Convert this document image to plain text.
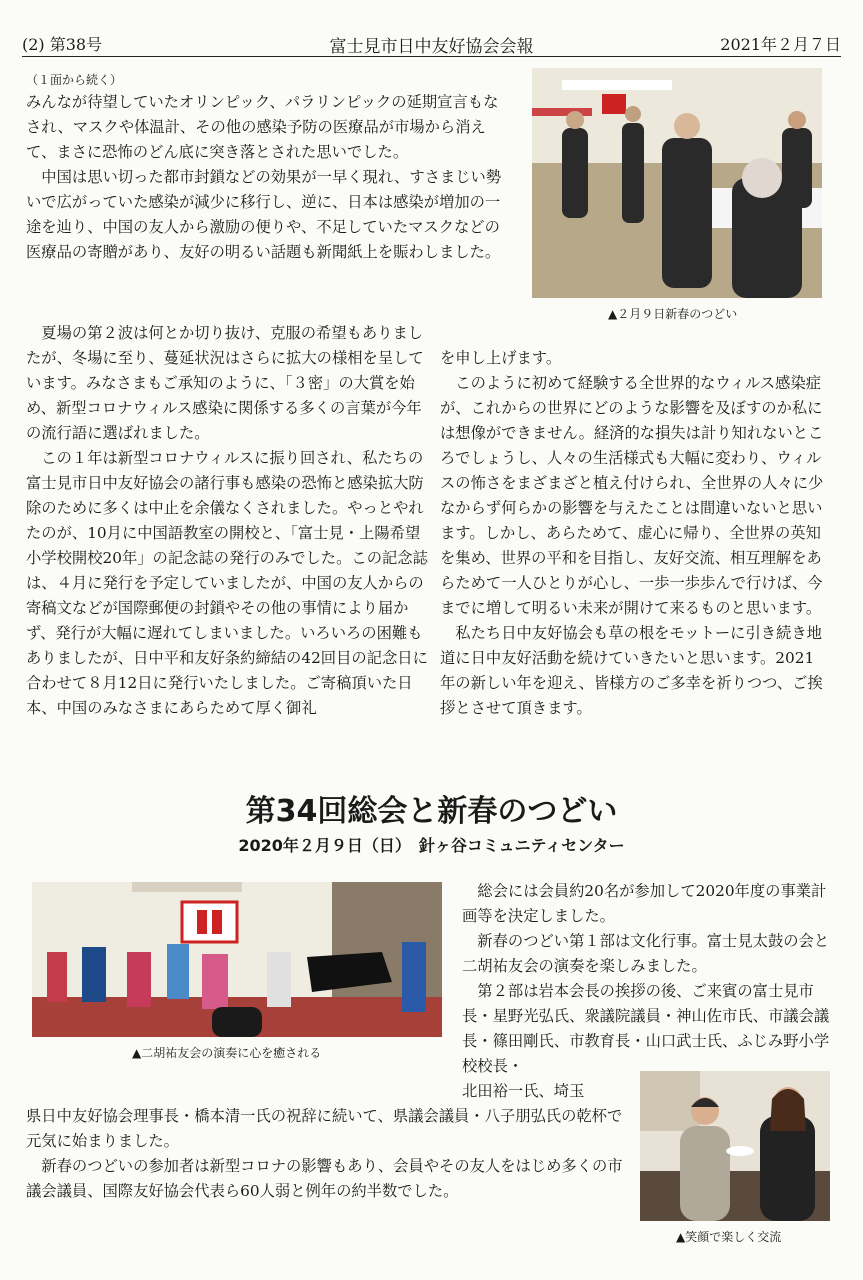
(2) 第38号	富士見市日中友好協会会報	2021年２月７日
▲２月９日新春のつどい

（１面から続く）

みんなが待望していたオリンピック、パラリンピックの延期宣言もなされ、マスクや体温計、その他の感染予防の医療品が市場から消えて、まさに恐怖のどん底に突き落とされた思いでした。

中国は思い切った都市封鎖などの効果が一早く現れ、すさまじい勢いで広がっていた感染が減少に移行し、逆に、日本は感染が増加の一途を辿り、中国の友人から激励の便りや、不足していたマスクなどの医療品の寄贈があり、友好の明るい話題も新聞紙上を賑わしました。

夏場の第２波は何とか切り抜け、克服の希望もありましたが、冬場に至り、蔓延状況はさらに拡大の様相を呈しています。みなさまもご承知のように、「３密」の大賞を始め、新型コロナウィルス感染に関係する多くの言葉が今年の流行語に選ばれました。

この１年は新型コロナウィルスに振り回され、私たちの富士見市日中友好協会の諸行事も感染の恐怖と感染拡大防除のために多くは中止を余儀なくされました。やっとやれたのが、10月に中国語教室の開校と、「富士見・上陽希望小学校開校20年」の記念誌の発行のみでした。この記念誌は、４月に発行を予定していましたが、中国の友人からの寄稿文などが国際郵便の封鎖やその他の事情により届かず、発行が大幅に遅れてしまいました。いろいろの困難もありましたが、日中平和友好条約締結の42回目の記念日に合わせて８月12日に発行いたしました。ご寄稿頂いた日本、中国のみなさまにあらためて厚く御礼

を申し上げます。

このように初めて経験する全世界的なウィルス感染症が、これからの世界にどのような影響を及ぼすのか私には想像ができません。経済的な損失は計り知れないところでしょうし、人々の生活様式も大幅に変わり、ウィルスの怖さをまざまざと植え付けられ、全世界の人々に少なからず何らかの影響を与えたことは間違いないと思います。しかし、あらためて、虚心に帰り、全世界の英知を集め、世界の平和を目指し、友好交流、相互理解をあらためて一人ひとりが心し、一歩一歩歩んで行けば、今までに増して明るい未来が開けて来るものと思います。

私たち日中友好協会も草の根をモットーに引き続き地道に日中友好活動を続けていきたいと思います。2021年の新しい年を迎え、皆様方のご多幸を祈りつつ、ご挨拶とさせて頂きます。

第34回総会と新春のつどい
2020年２月９日（日）　針ヶ谷コミュニティセンター
▲二胡祐友会の演奏に心を癒される

総会には会員約20名が参加して2020年度の事業計画等を決定しました。

新春のつどい第１部は文化行事。富士見太鼓の会と二胡祐友会の演奏を楽しみました。

第２部は岩本会長の挨拶の後、ご来賓の富士見市長・星野光弘氏、衆議院議員・神山佐市氏、市議会議長・篠田剛氏、市教育長・山口武士氏、ふじみ野小学校校長・

北田裕一氏、埼玉

▲笑顔で楽しく交流

県日中友好協会理事長・橋本清一氏の祝辞に続いて、県議会議員・八子朋弘氏の乾杯で元気に始まりました。

新春のつどいの参加者は新型コロナの影響もあり、会員やその友人をはじめ多くの市議会議員、国際友好協会代表ら60人弱と例年の約半数でした。
